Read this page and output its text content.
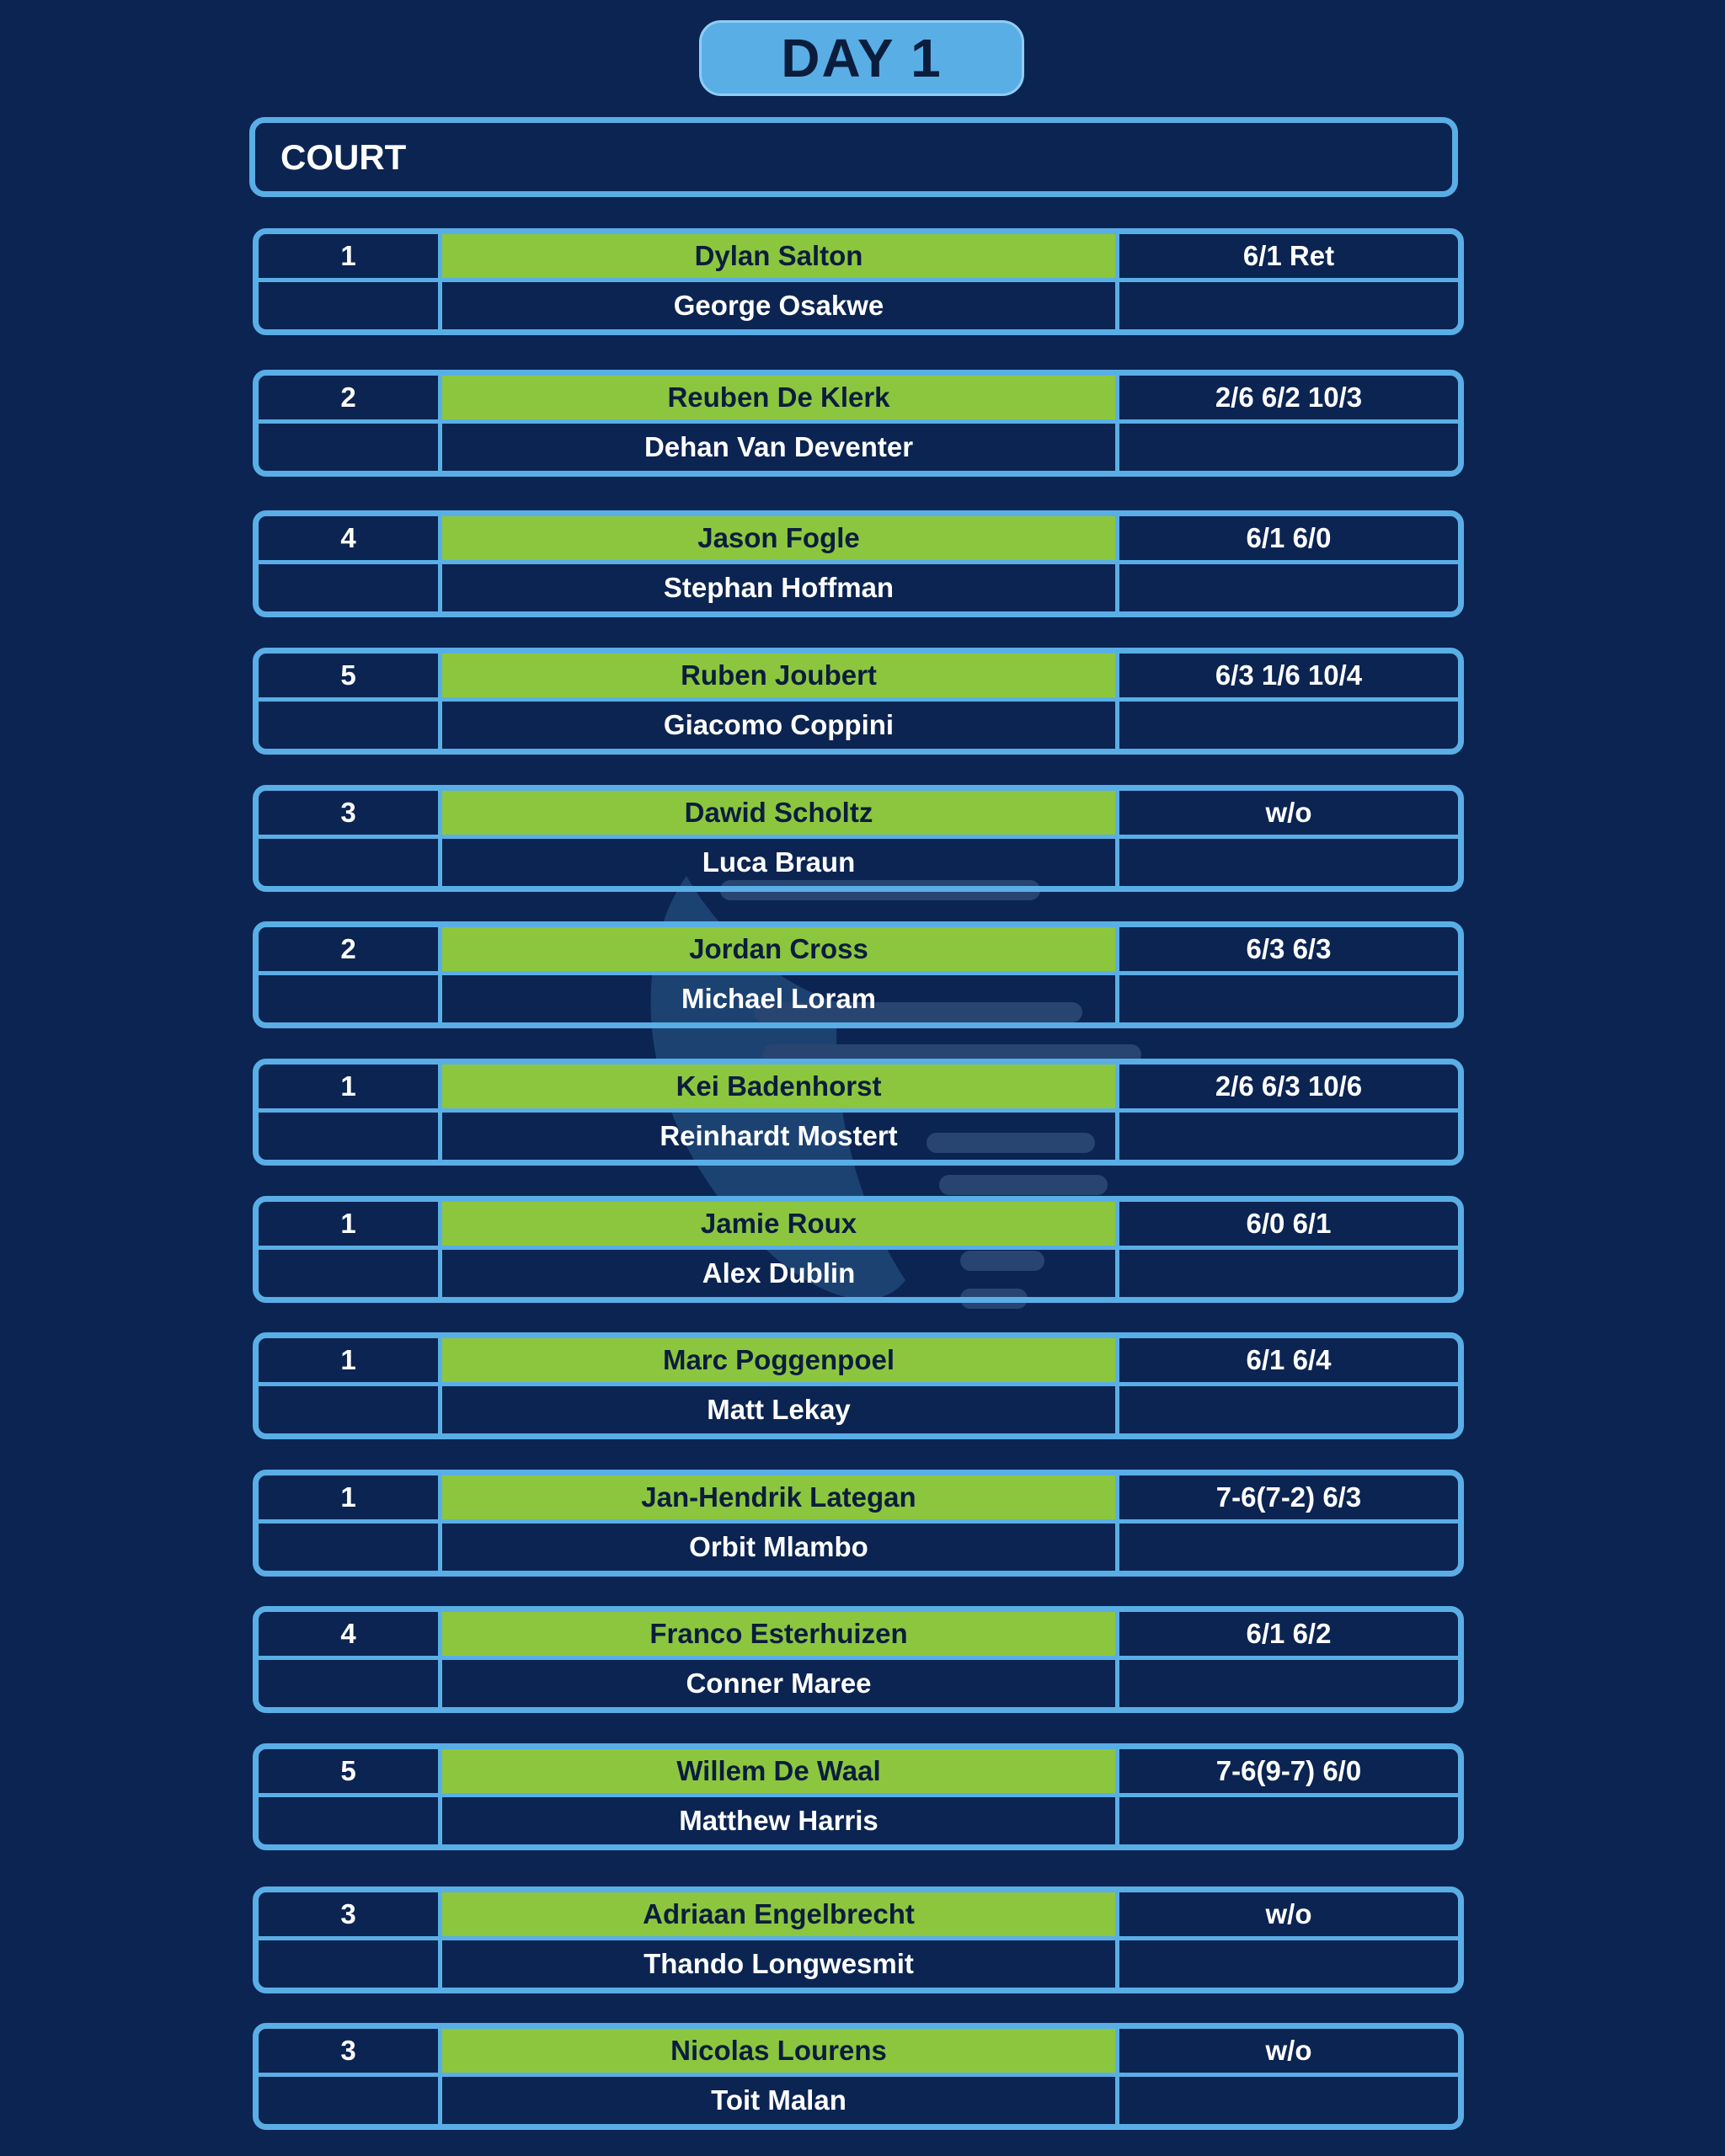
DAY 1
COURT
1	Dylan Salton	6/1 Ret
George Osakwe
2	Reuben De Klerk	2/6 6/2 10/3
Dehan Van Deventer
4	Jason Fogle	6/1 6/0
Stephan Hoffman
5	Ruben Joubert	6/3 1/6 10/4
Giacomo Coppini
3	Dawid Scholtz	w/o
Luca Braun
2	Jordan Cross	6/3 6/3
Michael Loram
1	Kei Badenhorst	2/6 6/3 10/6
Reinhardt Mostert
1	Jamie Roux	6/0 6/1
Alex Dublin
1	Marc Poggenpoel	6/1 6/4
Matt Lekay
1	Jan-Hendrik Lategan	7-6(7-2) 6/3
Orbit Mlambo
4	Franco Esterhuizen	6/1 6/2
Conner Maree
5	Willem De Waal	7-6(9-7) 6/0
Matthew Harris
3	Adriaan Engelbrecht	w/o
Thando Longwesmit
3	Nicolas Lourens	w/o
Toit Malan
